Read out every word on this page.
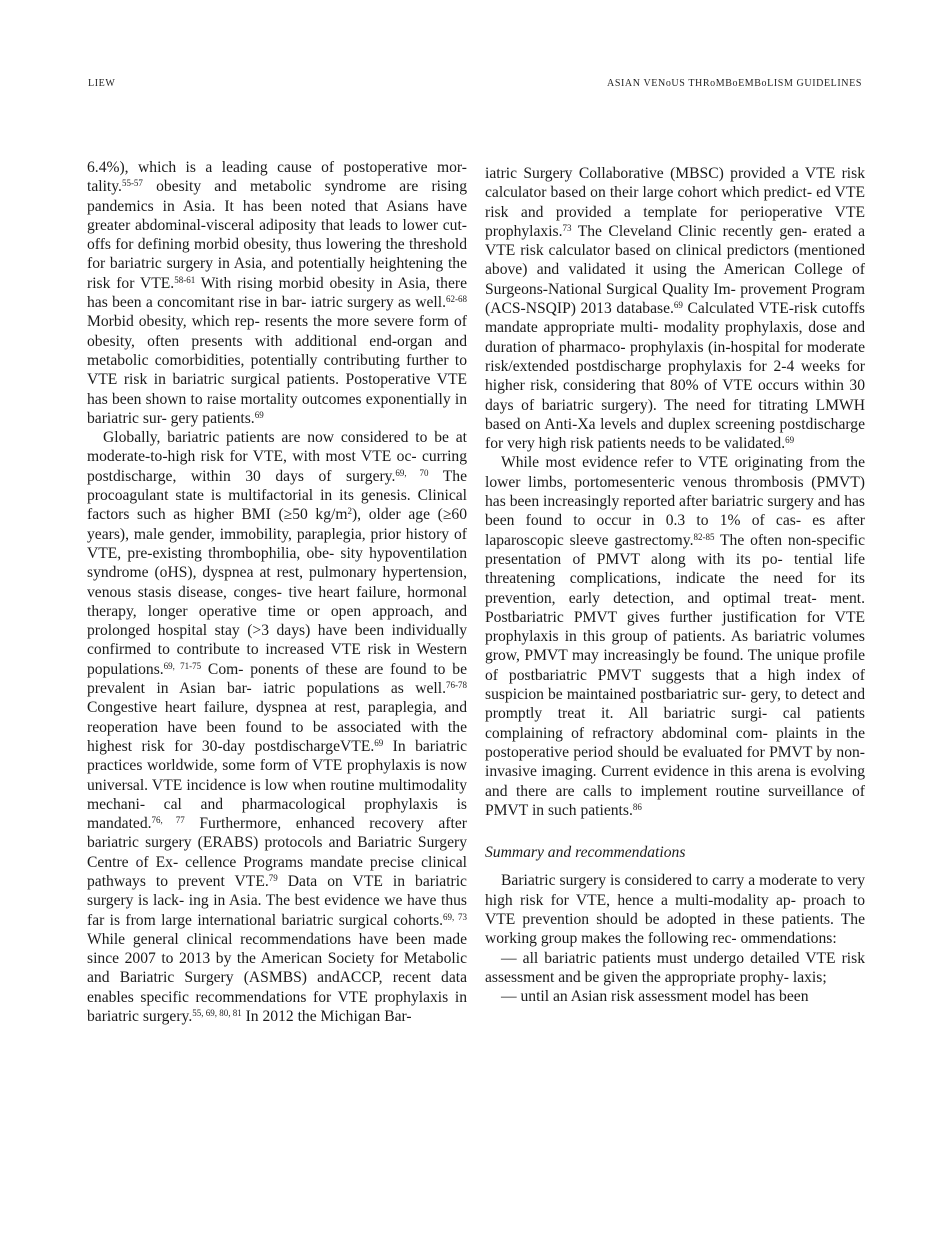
LIEW	ASIAN VENoUS THRoMBoEMBoLISM GUIDELINES

6.4%), which is a leading cause of postoperative mor- tality.$^{55-57}$ obesity and metabolic syndrome are rising pandemics in Asia. It has been noted that Asians have greater abdominal-visceral adiposity that leads to lower cut-offs for defining morbid obesity, thus lowering the threshold for bariatric surgery in Asia, and potentially heightening the risk for VTE.$^{58-61}$ With rising morbid obesity in Asia, there has been a concomitant rise in bar- iatric surgery as well.$^{62-68}$ Morbid obesity, which rep- resents the more severe form of obesity, often presents with additional end-organ and metabolic comorbidities, potentially contributing further to VTE risk in bariatric surgical patients. Postoperative VTE has been shown to raise mortality outcomes exponentially in bariatric sur- gery patients.$^{69}$

Globally, bariatric patients are now considered to be at moderate-to-high risk for VTE, with most VTE oc- curring postdischarge, within 30 days of surgery.$^{69, 70}$ The procoagulant state is multifactorial in its genesis. Clinical factors such as higher BMI (≥50 $kg/m^2$), older age (≥60 years), male gender, immobility, paraplegia, prior history of VTE, pre-existing thrombophilia, obe- sity hypoventilation syndrome (oHS), dyspnea at rest, pulmonary hypertension, venous stasis disease, conges- tive heart failure, hormonal therapy, longer operative time or open approach, and prolonged hospital stay (>3 days) have been individually confirmed to contribute to increased VTE risk in Western populations.$^{69, 71-75}$ Com- ponents of these are found to be prevalent in Asian bar- iatric populations as well.$^{76-78}$ Congestive heart failure, dyspnea at rest, paraplegia, and reoperation have been found to be associated with the highest risk for 30-day postdischargeVTE.$^{69}$ In bariatric practices worldwide, some form of VTE prophylaxis is now universal. VTE incidence is low when routine multimodality mechani- cal and pharmacological prophylaxis is mandated.$^{76, 77}$ Furthermore, enhanced recovery after bariatric surgery (ERABS) protocols and Bariatric Surgery Centre of Ex- cellence Programs mandate precise clinical pathways to prevent VTE.$^{79}$ Data on VTE in bariatric surgery is lack- ing in Asia. The best evidence we have thus far is from large international bariatric surgical cohorts.$^{69, 73}$ While general clinical recommendations have been made since 2007 to 2013 by the American Society for Metabolic and Bariatric Surgery (ASMBS) andACCP, recent data enables specific recommendations for VTE prophylaxis in bariatric surgery.$^{55, 69, 80, 81}$ In 2012 the Michigan Bar-

iatric Surgery Collaborative (MBSC) provided a VTE risk calculator based on their large cohort which predict- ed VTE risk and provided a template for perioperative VTE prophylaxis.$^{73}$ The Cleveland Clinic recently gen- erated a VTE risk calculator based on clinical predictors (mentioned above) and validated it using the American College of Surgeons-National Surgical Quality Im- provement Program (ACS-NSQIP) 2013 database.$^{69}$ Calculated VTE-risk cutoffs mandate appropriate multi- modality prophylaxis, dose and duration of pharmaco- prophylaxis (in-hospital for moderate risk/extended postdischarge prophylaxis for 2-4 weeks for higher risk, considering that 80% of VTE occurs within 30 days of bariatric surgery). The need for titrating LMWH based on Anti-Xa levels and duplex screening postdischarge for very high risk patients needs to be validated.$^{69}$

While most evidence refer to VTE originating from the lower limbs, portomesenteric venous thrombosis (PMVT) has been increasingly reported after bariatric surgery and has been found to occur in 0.3 to 1% of cas- es after laparoscopic sleeve gastrectomy.$^{82-85}$ The often non-specific presentation of PMVT along with its po- tential life threatening complications, indicate the need for its prevention, early detection, and optimal treat- ment. Postbariatric PMVT gives further justification for VTE prophylaxis in this group of patients. As bariatric volumes grow, PMVT may increasingly be found. The unique profile of postbariatric PMVT suggests that a high index of suspicion be maintained postbariatric sur- gery, to detect and promptly treat it. All bariatric surgi- cal patients complaining of refractory abdominal com- plaints in the postoperative period should be evaluated for PMVT by non-invasive imaging. Current evidence in this arena is evolving and there are calls to implement routine surveillance of PMVT in such patients.$^{86}$

Summary and recommendations

Bariatric surgery is considered to carry a moderate to very high risk for VTE, hence a multi-modality ap- proach to VTE prevention should be adopted in these patients. The working group makes the following rec- ommendations:

— all bariatric patients must undergo detailed VTE risk assessment and be given the appropriate prophy- laxis;

— until an Asian risk assessment model has been
